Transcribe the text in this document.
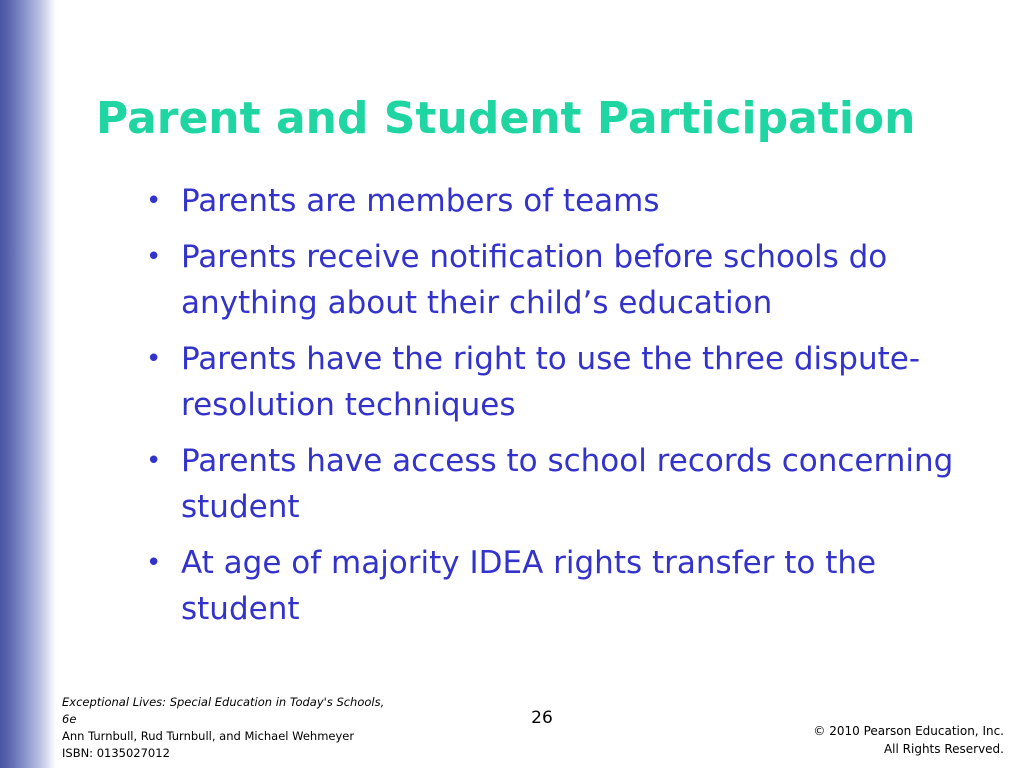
Parent and Student Participation
• Parents are members of teams
• Parents receive notification before schools do anything about their child’s education
• Parents have the right to use the three dispute-resolution techniques
• Parents have access to school records concerning student
• At age of majority IDEA rights transfer to the student
Exceptional Lives: Special Education in Today's Schools, 6e
Ann Turnbull, Rud Turnbull, and Michael Wehmeyer
ISBN: 0135027012
26
© 2010 Pearson Education, Inc.
All Rights Reserved.
